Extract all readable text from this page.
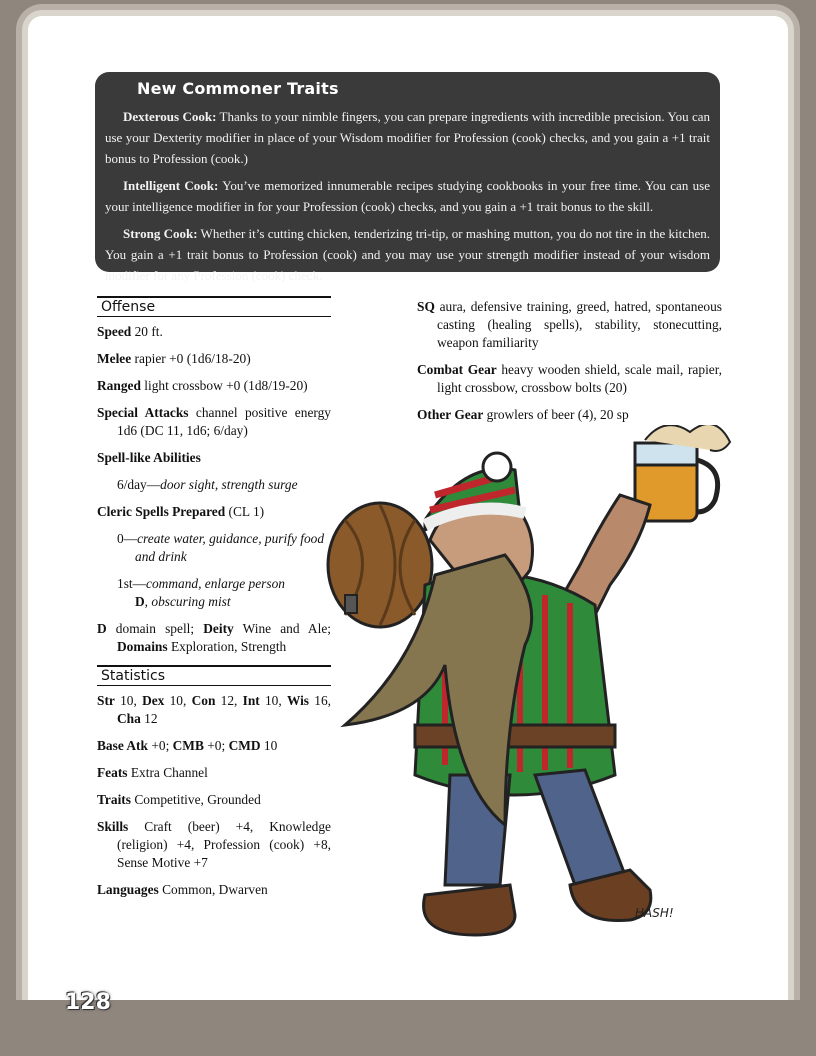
New Commoner Traits

Dexterous Cook: Thanks to your nimble fingers, you can prepare ingredients with incredible precision. You can use your Dexterity modifier in place of your Wisdom modifier for Profession (cook) checks, and you gain a +1 trait bonus to Profession (cook.)

Intelligent Cook: You’ve memorized innumerable recipes studying cookbooks in your free time. You can use your intelligence modifier in for your Profession (cook) checks, and you gain a +1 trait bonus to the skill.

Strong Cook: Whether it’s cutting chicken, tenderizing tri-tip, or mashing mutton, you do not tire in the kitchen. You gain a +1 trait bonus to Profession (cook) and you may use your strength modifier instead of your wisdom modifier for any Profession (cook) check.

Offense
Speed 20 ft.
Melee rapier +0 (1d6/18-20)
Ranged light crossbow +0 (1d8/19-20)
Special Attacks channel positive energy 1d6 (DC 11, 1d6; 6/day)
Spell-like Abilities
6/day—door sight, strength surge
Cleric Spells Prepared (CL 1)
0—create water, guidance, purify food and drink
1st—command, enlarge person
D, obscuring mist
D domain spell; Deity Wine and Ale; Domains Exploration, Strength
Statistics
Str 10, Dex 10, Con 12, Int 10, Wis 16, Cha 12
Base Atk +0; CMB +0; CMD 10
Feats Extra Channel
Traits Competitive, Grounded
Skills Craft (beer) +4, Knowledge (religion) +4, Profession (cook) +8, Sense Motive +7
Languages Common, Dwarven
SQ aura, defensive training, greed, hatred, spontaneous casting (healing spells), stability, stonecutting, weapon familiarity
Combat Gear heavy wooden shield, scale mail, rapier, light crossbow, crossbow bolts (20)
Other Gear growlers of beer (4), 20 sp
HASH!
128
